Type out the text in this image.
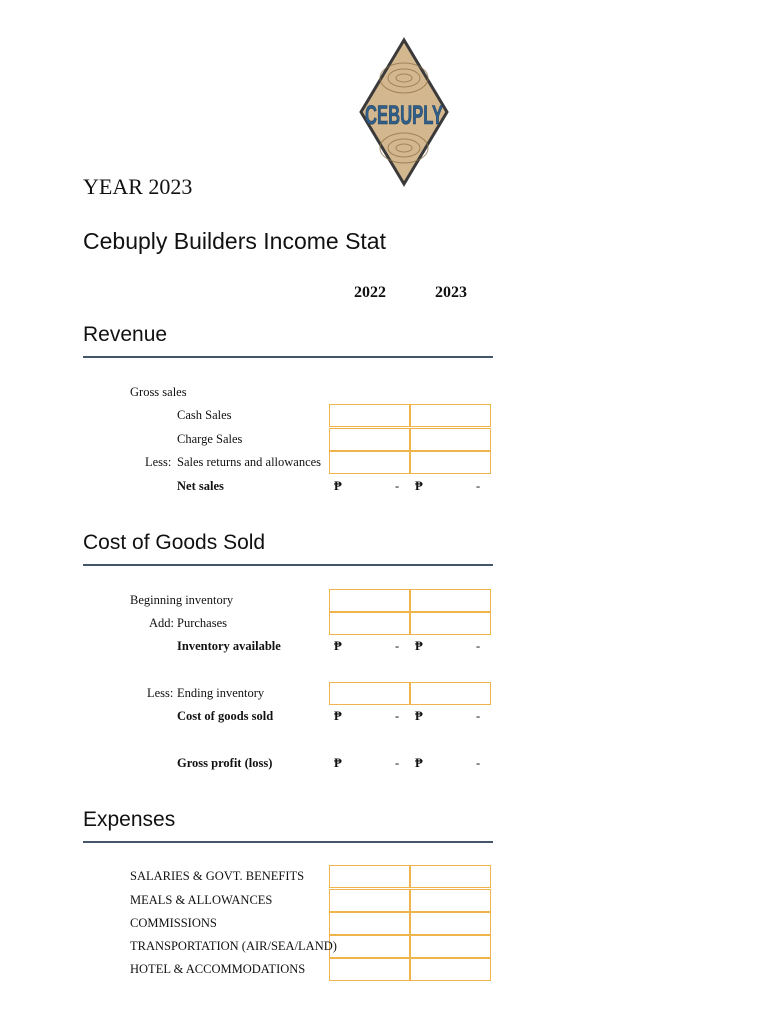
CEBUPLY
YEAR 2023
Cebuply Builders Income Stat
2022	2023
Revenue
Gross sales
Cash Sales
Charge Sales
Less: Sales returns and allowances
Net sales	₱	- ₱	-
Cost of Goods Sold
Beginning inventory
Add: Purchases
Inventory available	₱	- ₱	-
Less: Ending inventory
Cost of goods sold	₱	- ₱	-
Gross profit (loss)	₱	- ₱	-
Expenses
SALARIES & GOVT. BENEFITS
MEALS & ALLOWANCES
COMMISSIONS
TRANSPORTATION (AIR/SEA/LAND)
HOTEL & ACCOMMODATIONS
